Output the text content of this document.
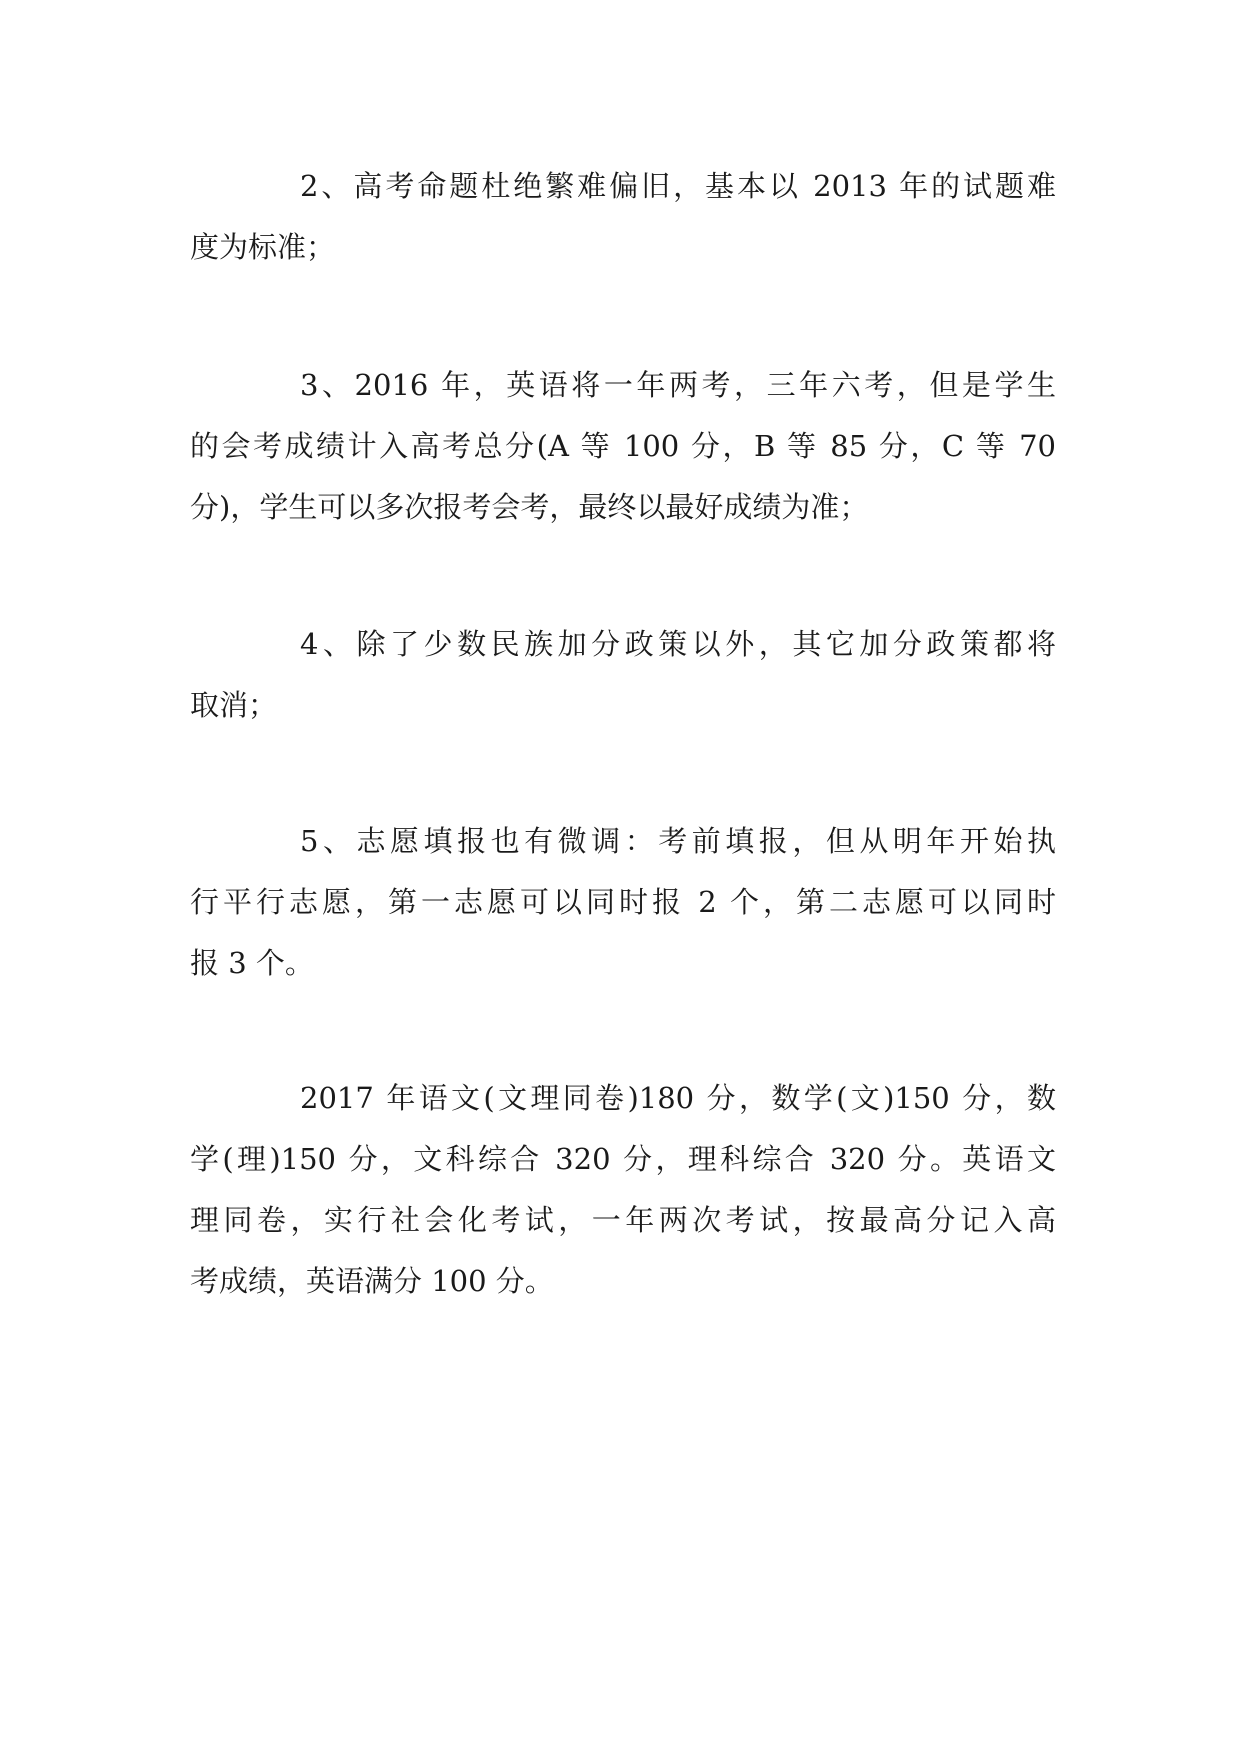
2、高考命题杜绝繁难偏旧，基本以 2013 年的试题难
度为标准；
3、2016 年，英语将一年两考，三年六考，但是学生
的会考成绩计入高考总分(A 等 100 分，B 等 85 分，C 等 70
分)，学生可以多次报考会考，最终以最好成绩为准；
4、除了少数民族加分政策以外，其它加分政策都将
取消；
5、志愿填报也有微调：考前填报，但从明年开始执
行平行志愿，第一志愿可以同时报 2 个，第二志愿可以同时
报 3 个。
2017 年语文(文理同卷)180 分，数学(文)150 分，数
学(理)150 分，文科综合 320 分，理科综合 320 分。英语文
理同卷，实行社会化考试，一年两次考试，按最高分记入高
考成绩，英语满分 100 分。
